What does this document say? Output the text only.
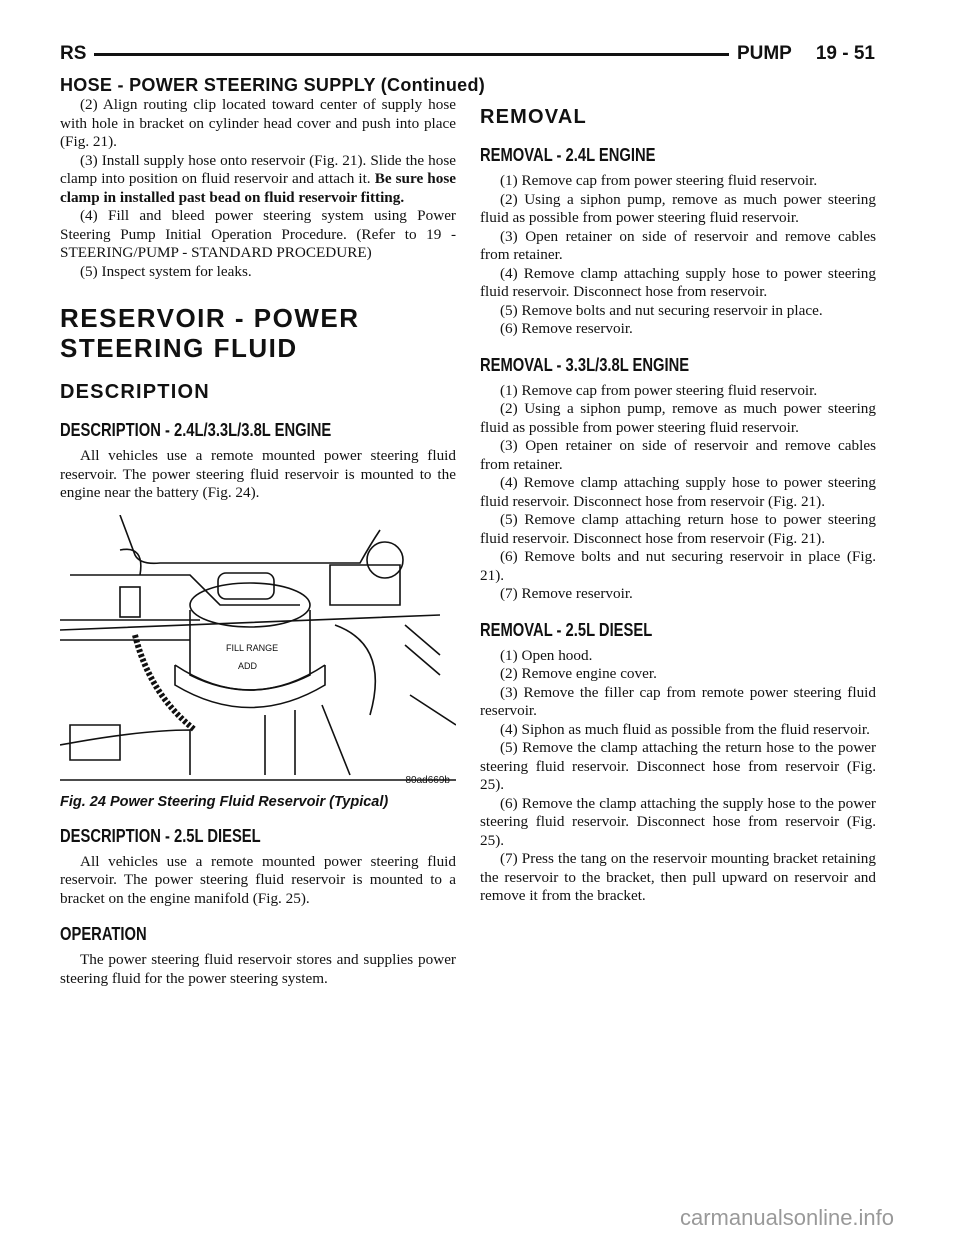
RS	PUMP 19 - 51
HOSE - POWER STEERING SUPPLY (Continued)

(2) Align routing clip located toward center of supply hose with hole in bracket on cylinder head cover and push into place (Fig. 21).

(3) Install supply hose onto reservoir (Fig. 21). Slide the hose clamp into position on fluid reservoir and attach it. Be sure hose clamp in installed past bead on fluid reservoir fitting.

(4) Fill and bleed power steering system using Power Steering Pump Initial Operation Procedure. (Refer to 19 - STEERING/PUMP - STANDARD PROCEDURE)

(5) Inspect system for leaks.

RESERVOIR - POWER STEERING FLUID
DESCRIPTION
DESCRIPTION - 2.4L/3.3L/3.8L ENGINE

All vehicles use a remote mounted power steering fluid reservoir. The power steering fluid reservoir is mounted to the engine near the battery (Fig. 24).

FILL RANGE
ADD
80ad669b
Fig. 24 Power Steering Fluid Reservoir (Typical)
DESCRIPTION - 2.5L DIESEL

All vehicles use a remote mounted power steering fluid reservoir. The power steering fluid reservoir is mounted to a bracket on the engine manifold (Fig. 25).

OPERATION

The power steering fluid reservoir stores and supplies power steering fluid for the power steering system.

REMOVAL
REMOVAL - 2.4L ENGINE

(1) Remove cap from power steering fluid reservoir.

(2) Using a siphon pump, remove as much power steering fluid as possible from power steering fluid reservoir.

(3) Open retainer on side of reservoir and remove cables from retainer.

(4) Remove clamp attaching supply hose to power steering fluid reservoir. Disconnect hose from reservoir.

(5) Remove bolts and nut securing reservoir in place.

(6) Remove reservoir.

REMOVAL - 3.3L/3.8L ENGINE

(1) Remove cap from power steering fluid reservoir.

(2) Using a siphon pump, remove as much power steering fluid as possible from power steering fluid reservoir.

(3) Open retainer on side of reservoir and remove cables from retainer.

(4) Remove clamp attaching supply hose to power steering fluid reservoir. Disconnect hose from reservoir (Fig. 21).

(5) Remove clamp attaching return hose to power steering fluid reservoir. Disconnect hose from reservoir (Fig. 21).

(6) Remove bolts and nut securing reservoir in place (Fig. 21).

(7) Remove reservoir.

REMOVAL - 2.5L DIESEL

(1) Open hood.

(2) Remove engine cover.

(3) Remove the filler cap from remote power steering fluid reservoir.

(4) Siphon as much fluid as possible from the fluid reservoir.

(5) Remove the clamp attaching the return hose to the power steering fluid reservoir. Disconnect hose from reservoir (Fig. 25).

(6) Remove the clamp attaching the supply hose to the power steering fluid reservoir. Disconnect hose from reservoir (Fig. 25).

(7) Press the tang on the reservoir mounting bracket retaining the reservoir to the bracket, then pull upward on reservoir and remove it from the bracket.

carmanualsonline.info
